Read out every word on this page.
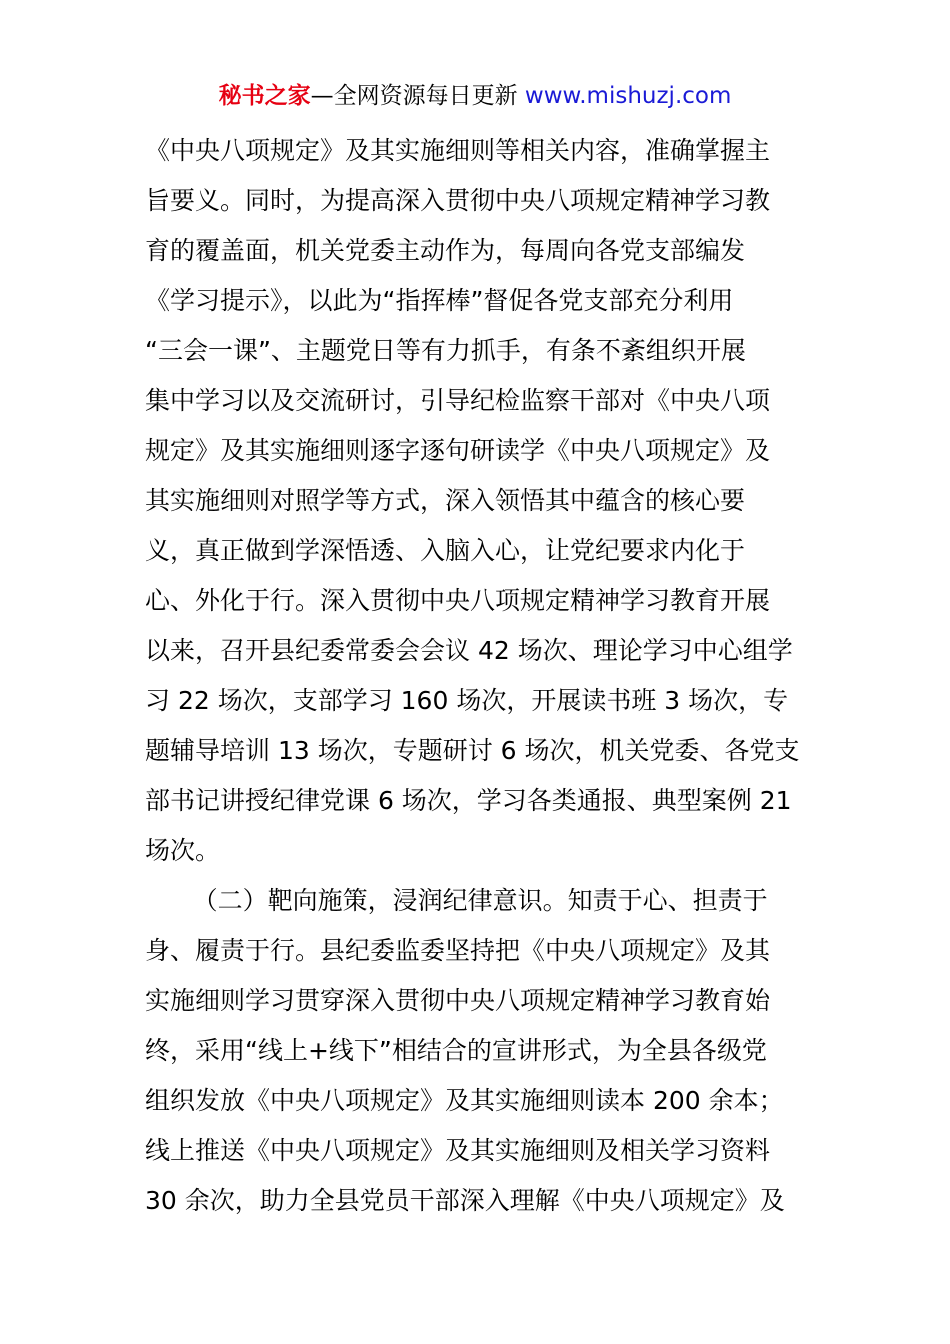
秘书之家—全网资源每日更新 www.mishuzj.com
《中央八项规定》及其实施细则等相关内容，准确掌握主
旨要义。同时，为提高深入贯彻中央八项规定精神学习教
育的覆盖面，机关党委主动作为，每周向各党支部编发
《学习提示》，以此为“指挥棒”督促各党支部充分利用
“三会一课”、主题党日等有力抓手，有条不紊组织开展
集中学习以及交流研讨，引导纪检监察干部对《中央八项
规定》及其实施细则逐字逐句研读学《中央八项规定》及
其实施细则对照学等方式，深入领悟其中蕴含的核心要
义，真正做到学深悟透、入脑入心，让党纪要求内化于
心、外化于行。深入贯彻中央八项规定精神学习教育开展
以来，召开县纪委常委会会议 42 场次、理论学习中心组学
习 22 场次，支部学习 160 场次，开展读书班 3 场次，专
题辅导培训 13 场次，专题研讨 6 场次，机关党委、各党支
部书记讲授纪律党课 6 场次，学习各类通报、典型案例 21
场次。
（二）靶向施策，浸润纪律意识。知责于心、担责于
身、履责于行。县纪委监委坚持把《中央八项规定》及其
实施细则学习贯穿深入贯彻中央八项规定精神学习教育始
终，采用“线上+线下”相结合的宣讲形式，为全县各级党
组织发放《中央八项规定》及其实施细则读本 200 余本；
线上推送《中央八项规定》及其实施细则及相关学习资料
30 余次，助力全县党员干部深入理解《中央八项规定》及
